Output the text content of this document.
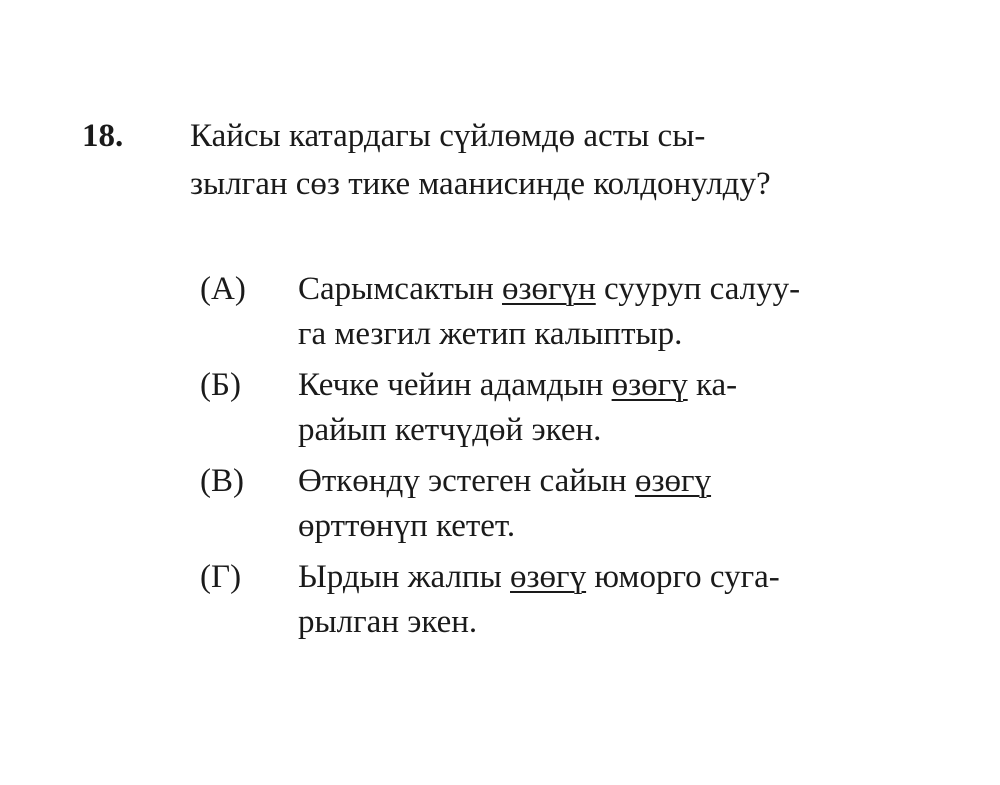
18. Кайсы катардагы сүйлөмдө асты сы-
зылган сөз тике маанисинде колдонулду?
(А) Сарымсактын өзөгүн сууруп салуу-
га мезгил жетип калыптыр.
(Б) Кечке чейин адамдын өзөгү ка-
райып кетчүдөй экен.
(В) Өткөндү эстеген сайын өзөгү
өрттөнүп кетет.
(Г) Ырдын жалпы өзөгү юморго суга-
рылган экен.
